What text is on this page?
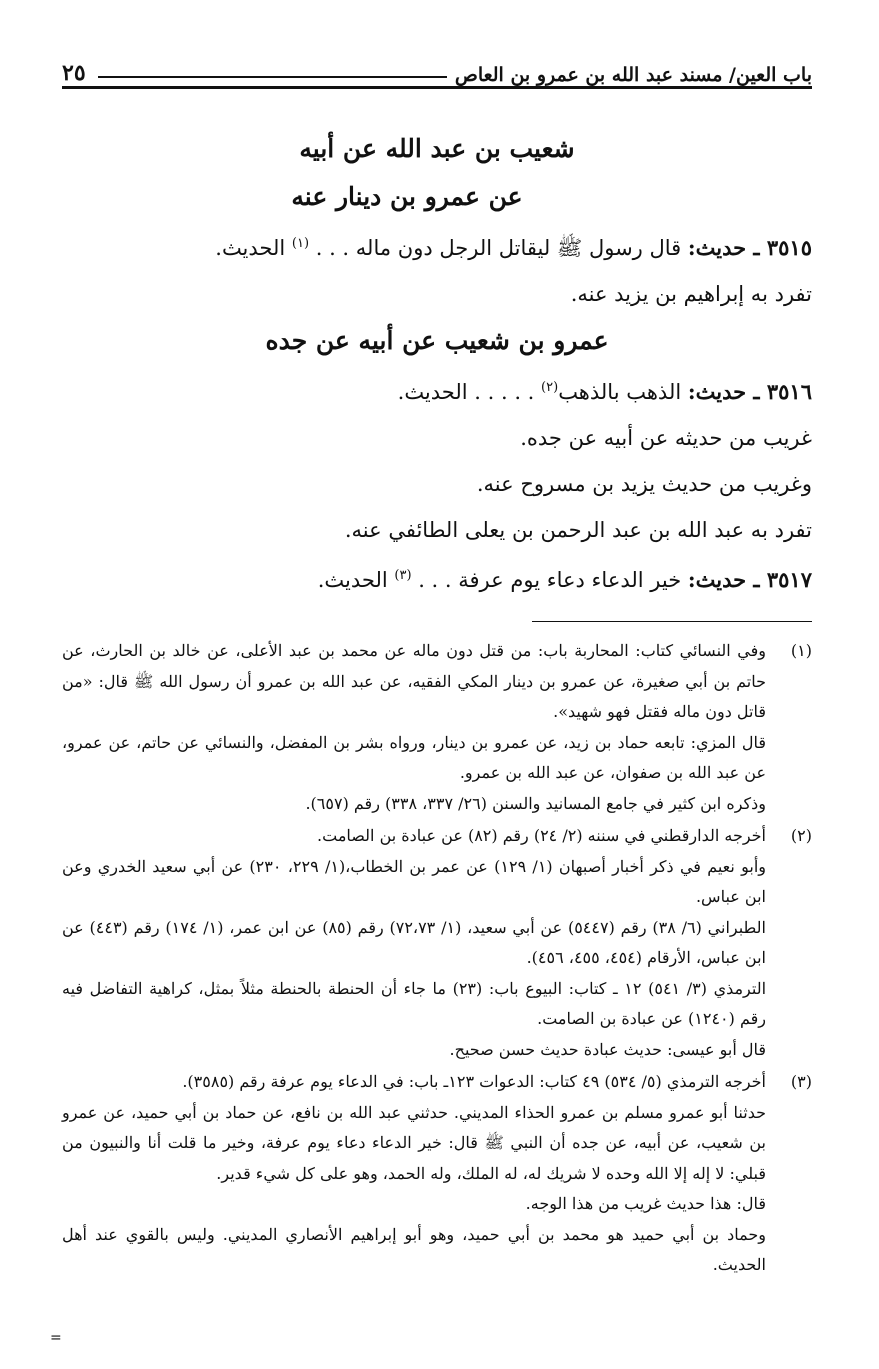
باب العين/ مسند عبد الله بن عمرو بن العاص
٢٥

شعيب بن عبد الله عن أبيه

عن عمرو بن دينار عنه

٣٥١٥ ـ حديث: قال رسول ﷺ ليقاتل الرجل دون ماله . . . $^{(١)}$ الحديث.

تفرد به إبراهيم بن يزيد عنه.

عمرو بن شعيب عن أبيه عن جده

٣٥١٦ ـ حديث: الذهب بالذهب$^{(٢)}$ . . . . . الحديث.

غريب من حديثه عن أبيه عن جده.

وغريب من حديث يزيد بن مسروح عنه.

تفرد به عبد الله بن عبد الرحمن بن يعلى الطائفي عنه.

٣٥١٧ ـ حديث: خير الدعاء دعاء يوم عرفة . . . $^{(٣)}$ الحديث.

(١)

وفي النسائي كتاب: المحاربة باب: من قتل دون ماله عن محمد بن عبد الأعلى، عن خالد بن الحارث، عن حاتم بن أبي صغيرة، عن عمرو بن دينار المكي الفقيه، عن عبد الله بن عمرو أن رسول الله ﷺ قال: «من قاتل دون ماله فقتل فهو شهيد».

قال المزي: تابعه حماد بن زيد، عن عمرو بن دينار، ورواه بشر بن المفضل، والنسائي عن حاتم، عن عمرو، عن عبد الله بن صفوان، عن عبد الله بن عمرو.

وذكره ابن كثير في جامع المسانيد والسنن (٢٦/ ٣٣٧، ٣٣٨) رقم (٦٥٧).

(٢)

أخرجه الدارقطني في سننه (٢/ ٢٤) رقم (٨٢) عن عبادة بن الصامت.

وأبو نعيم في ذكر أخبار أصبهان (١/ ١٢٩) عن عمر بن الخطاب،(١/ ٢٢٩، ٢٣٠) عن أبي سعيد الخدري وعن ابن عباس.

الطبراني (٦/ ٣٨) رقم (٥٤٤٧) عن أبي سعيد، (١/ ٧٢،٧٣) رقم (٨٥) عن ابن عمر، (١/ ١٧٤) رقم (٤٤٣) عن ابن عباس، الأرقام (٤٥٤، ٤٥٥، ٤٥٦).

الترمذي (٣/ ٥٤١) ١٢ ـ كتاب: البيوع باب: (٢٣) ما جاء أن الحنطة بالحنطة مثلاً بمثل، كراهية التفاضل فيه رقم (١٢٤٠) عن عبادة بن الصامت.

قال أبو عيسى: حديث عبادة حديث حسن صحيح.

(٣)

أخرجه الترمذي (٥/ ٥٣٤) ٤٩ كتاب: الدعوات ١٢٣ـ باب: في الدعاء يوم عرفة رقم (٣٥٨٥).

حدثنا أبو عمرو مسلم بن عمرو الحذاء المديني. حدثني عبد الله بن نافع، عن حماد بن أبي حميد، عن عمرو بن شعيب، عن أبيه، عن جده أن النبي ﷺ قال: خير الدعاء دعاء يوم عرفة، وخير ما قلت أنا والنبيون من قبلي: لا إله إلا الله وحده لا شريك له، له الملك، وله الحمد، وهو على كل شيء قدير.

قال: هذا حديث غريب من هذا الوجه.

وحماد بن أبي حميد هو محمد بن أبي حميد، وهو أبو إبراهيم الأنصاري المديني. وليس بالقوي عند أهل الحديث.

=
